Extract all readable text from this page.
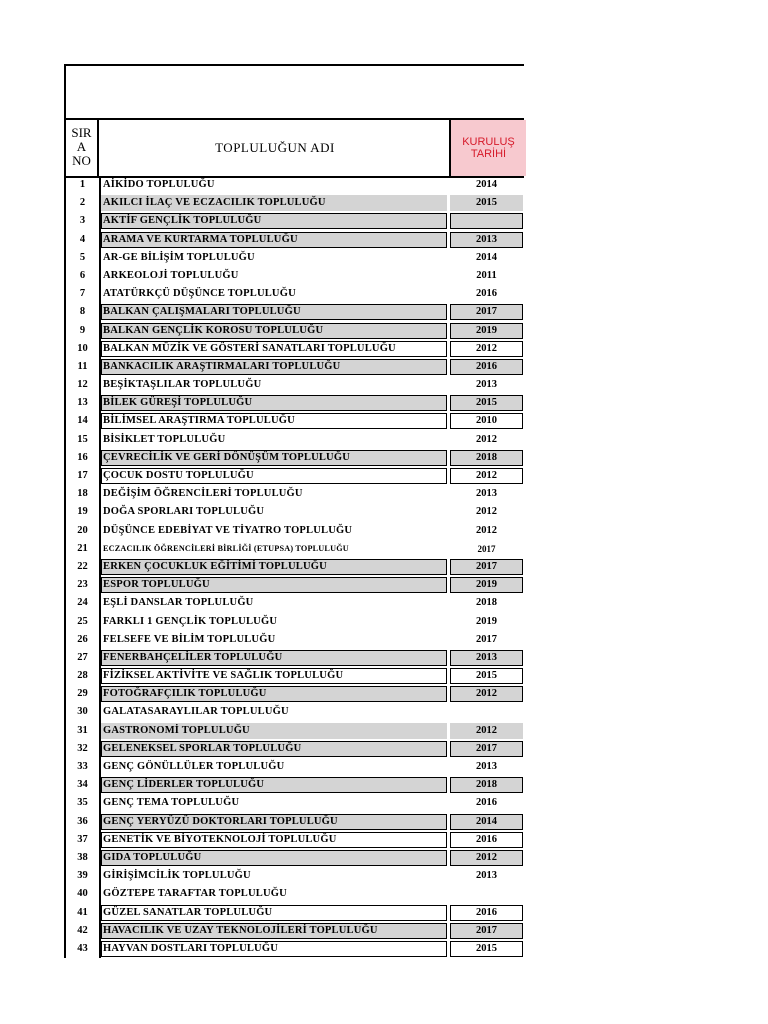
SIR
A
NO
TOPLULUĞUN ADI	KURULUŞ
TARİHİ
1	AİKİDO TOPLULUĞU	2014
2	AKILCI İLAÇ VE ECZACILIK TOPLULUĞU	2015
3	AKTİF GENÇLİK TOPLULUĞU
4	ARAMA VE KURTARMA TOPLULUĞU	2013
5	AR-GE BİLİŞİM TOPLULUĞU	2014
6	ARKEOLOJİ TOPLULUĞU	2011
7	ATATÜRKÇÜ DÜŞÜNCE TOPLULUĞU	2016
8	BALKAN ÇALIŞMALARI TOPLULUĞU	2017
9	BALKAN GENÇLİK KOROSU TOPLULUĞU	2019
10	BALKAN MÜZİK VE GÖSTERİ SANATLARI TOPLULUĞU	2012
11	BANKACILIK ARAŞTIRMALARI TOPLULUĞU	2016
12	BEŞİKTAŞLILAR TOPLULUĞU	2013
13	BİLEK GÜREŞİ TOPLULUĞU	2015
14	BİLİMSEL ARAŞTIRMA TOPLULUĞU	2010
15	BİSİKLET TOPLULUĞU	2012
16	ÇEVRECİLİK VE GERİ DÖNÜŞÜM TOPLULUĞU	2018
17	ÇOCUK DOSTU TOPLULUĞU	2012
18	DEĞİŞİM ÖĞRENCİLERİ TOPLULUĞU	2013
19	DOĞA SPORLARI TOPLULUĞU	2012
20	DÜŞÜNCE EDEBİYAT VE TİYATRO TOPLULUĞU	2012
21	ECZACILIK ÖĞRENCİLERİ BİRLİĞİ (ETUPSA) TOPLULUĞU	2017
22	ERKEN ÇOCUKLUK EĞİTİMİ TOPLULUĞU	2017
23	ESPOR TOPLULUĞU	2019
24	EŞLİ DANSLAR TOPLULUĞU	2018
25	FARKLI 1 GENÇLİK TOPLULUĞU	2019
26	FELSEFE VE BİLİM TOPLULUĞU	2017
27	FENERBAHÇELİLER TOPLULUĞU	2013
28	FİZİKSEL AKTİVİTE VE SAĞLIK TOPLULUĞU	2015
29	FOTOĞRAFÇILIK TOPLULUĞU	2012
30	GALATASARAYLILAR TOPLULUĞU
31	GASTRONOMİ TOPLULUĞU	2012
32	GELENEKSEL SPORLAR TOPLULUĞU	2017
33	GENÇ GÖNÜLLÜLER TOPLULUĞU	2013
34	GENÇ LİDERLER TOPLULUĞU	2018
35	GENÇ TEMA TOPLULUĞU	2016
36	GENÇ YERYÜZÜ DOKTORLARI TOPLULUĞU	2014
37	GENETİK VE BİYOTEKNOLOJİ TOPLULUĞU	2016
38	GIDA TOPLULUĞU	2012
39	GİRİŞİMCİLİK TOPLULUĞU	2013
40	GÖZTEPE TARAFTAR TOPLULUĞU
41	GÜZEL SANATLAR TOPLULUĞU	2016
42	HAVACILIK VE UZAY TEKNOLOJİLERİ TOPLULUĞU	2017
43	HAYVAN DOSTLARI TOPLULUĞU	2015
